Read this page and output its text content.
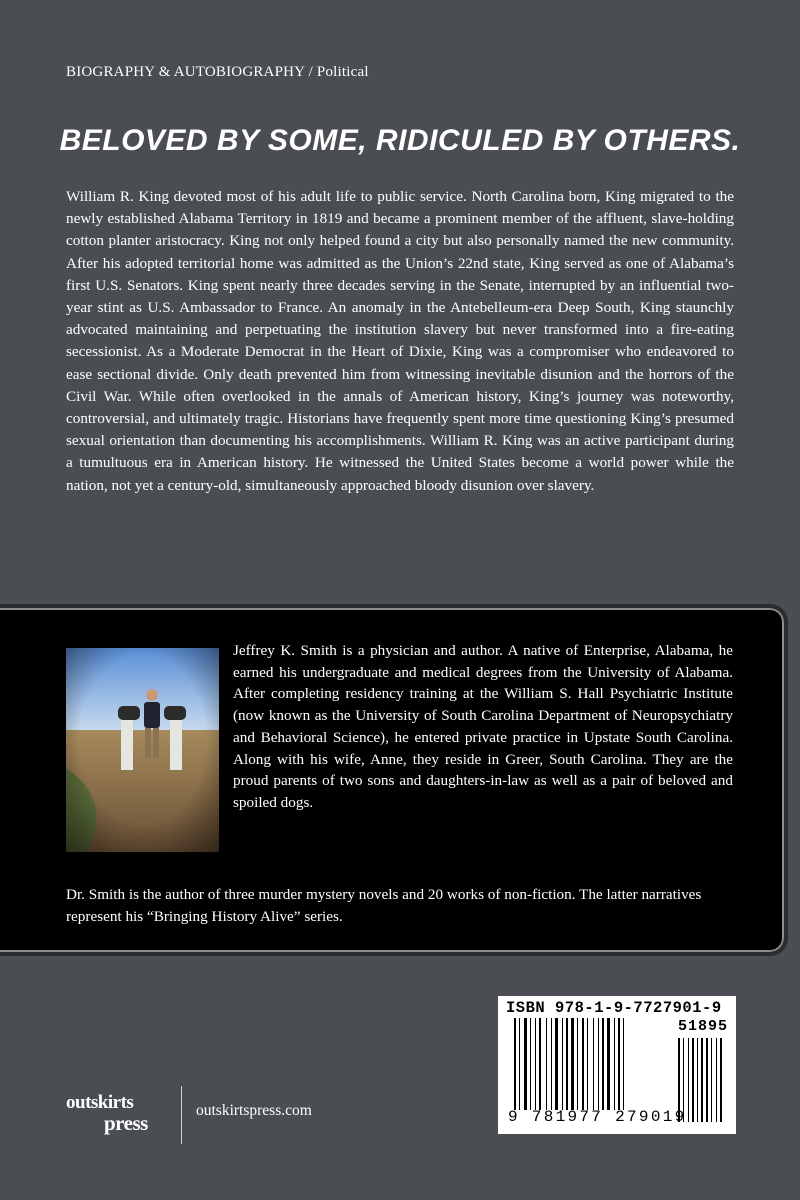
BIOGRAPHY & AUTOBIOGRAPHY / Political
BELOVED BY SOME, RIDICULED BY OTHERS.

William R. King devoted most of his adult life to public service. North Carolina born, King migrated to the newly established Alabama Territory in 1819 and became a prominent member of the affluent, slave-holding cotton planter aristocracy. King not only helped found a city but also personally named the new community. After his adopted territorial home was admitted as the Union’s 22nd state, King served as one of Alabama’s first U.S. Senators. King spent nearly three decades serving in the Senate, interrupted by an influential two-year stint as U.S. Ambassador to France. An anomaly in the Antebelleum-era Deep South, King staunchly advocated maintaining and perpetuating the institution slavery but never transformed into a fire-eating secessionist. As a Moderate Democrat in the Heart of Dixie, King was a compromiser who endeavored to ease sectional divide. Only death prevented him from witnessing inevitable disunion and the horrors of the Civil War. While often overlooked in the annals of American history, King’s journey was noteworthy, controversial, and ultimately tragic. Historians have frequently spent more time questioning King’s presumed sexual orientation than documenting his accomplishments. William R. King was an active participant during a tumultuous era in American history. He witnessed the United States become a world power while the nation, not yet a century-old, simultaneously approached bloody disunion over slavery.

Jeffrey K. Smith is a physician and author. A native of Enterprise, Alabama, he earned his undergraduate and medical degrees from the University of Alabama. After completing residency training at the William S. Hall Psychiatric Institute (now known as the University of South Carolina Department of Neuropsychiatry and Behavioral Science), he entered private practice in Upstate South Carolina. Along with his wife, Anne, they reside in Greer, South Carolina. They are the proud parents of two sons and daughters-in-law as well as a pair of beloved and spoiled dogs.

Dr. Smith is the author of three murder mystery novels and 20 works of non-fiction. The latter narratives represent his “Bringing History Alive” series.

outskirts
press
outskirtspress.com
ISBN 978-1-9-7727901-9
51895
9 781977 279019
